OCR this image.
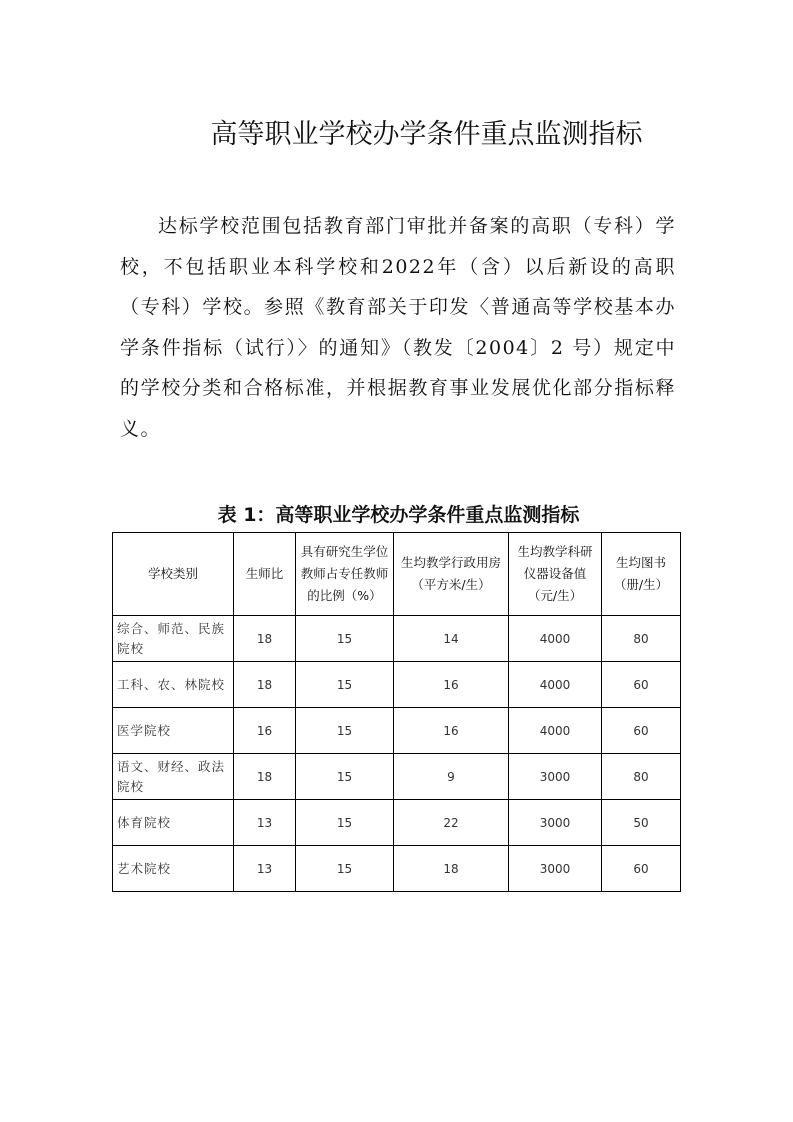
高等职业学校办学条件重点监测指标

达标学校范围包括教育部门审批并备案的高职（专科）学校，不包括职业本科学校和2022年（含）以后新设的高职（专科）学校。参照《教育部关于印发〈普通高等学校基本办学条件指标（试行）〉的通知》（教发〔2004〕2 号）规定中的学校分类和合格标准，并根据教育事业发展优化部分指标释义。

表 1：高等职业学校办学条件重点监测指标
学校类别	生师比	具有研究生学位教师占专任教师的比例（%）	生均教学行政用房（平方米/生）	生均教学科研仪器设备值（元/生）	生均图书（册/生）
综合、师范、民族院校	18	15	14	4000	80
工科、农、林院校	18	15	16	4000	60
医学院校	16	15	16	4000	60
语文、财经、政法院校	18	15	9	3000	80
体育院校	13	15	22	3000	50
艺术院校	13	15	18	3000	60
